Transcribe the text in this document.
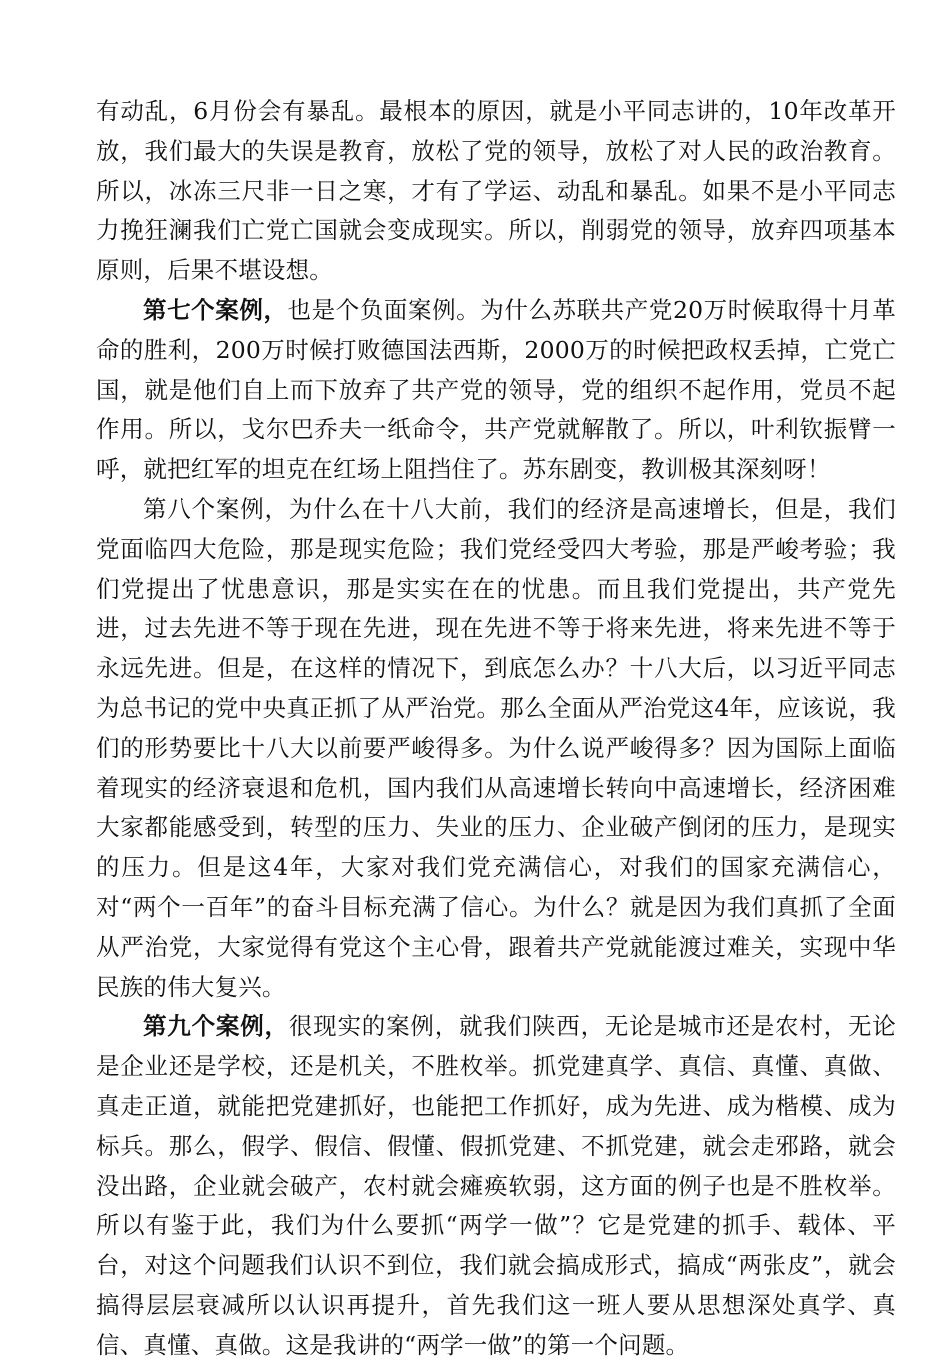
有动乱，6月份会有暴乱。最根本的原因，就是小平同志讲的，10年改革开放，我们最大的失误是教育，放松了党的领导，放松了对人民的政治教育。所以，冰冻三尺非一日之寒，才有了学运、动乱和暴乱。如果不是小平同志力挽狂澜我们亡党亡国就会变成现实。所以，削弱党的领导，放弃四项基本原则，后果不堪设想。

第七个案例，也是个负面案例。为什么苏联共产党20万时候取得十月革命的胜利，200万时候打败德国法西斯，2000万的时候把政权丢掉，亡党亡国，就是他们自上而下放弃了共产党的领导，党的组织不起作用，党员不起作用。所以，戈尔巴乔夫一纸命令，共产党就解散了。所以，叶利钦振臂一呼，就把红军的坦克在红场上阻挡住了。苏东剧变，教训极其深刻呀！

第八个案例，为什么在十八大前，我们的经济是高速增长，但是，我们党面临四大危险，那是现实危险；我们党经受四大考验，那是严峻考验；我们党提出了忧患意识，那是实实在在的忧患。而且我们党提出，共产党先进，过去先进不等于现在先进，现在先进不等于将来先进，将来先进不等于永远先进。但是，在这样的情况下，到底怎么办？十八大后，以习近平同志为总书记的党中央真正抓了从严治党。那么全面从严治党这4年，应该说，我们的形势要比十八大以前要严峻得多。为什么说严峻得多？因为国际上面临着现实的经济衰退和危机，国内我们从高速增长转向中高速增长，经济困难大家都能感受到，转型的压力、失业的压力、企业破产倒闭的压力，是现实的压力。但是这4年，大家对我们党充满信心，对我们的国家充满信心，对“两个一百年”的奋斗目标充满了信心。为什么？就是因为我们真抓了全面从严治党，大家觉得有党这个主心骨，跟着共产党就能渡过难关，实现中华民族的伟大复兴。

第九个案例，很现实的案例，就我们陕西，无论是城市还是农村，无论是企业还是学校，还是机关，不胜枚举。抓党建真学、真信、真懂、真做、真走正道，就能把党建抓好，也能把工作抓好，成为先进、成为楷模、成为标兵。那么，假学、假信、假懂、假抓党建、不抓党建，就会走邪路，就会没出路，企业就会破产，农村就会瘫痪软弱，这方面的例子也是不胜枚举。所以有鉴于此，我们为什么要抓“两学一做”？它是党建的抓手、载体、平台，对这个问题我们认识不到位，我们就会搞成形式，搞成“两张皮”，就会搞得层层衰减所以认识再提升，首先我们这一班人要从思想深处真学、真信、真懂、真做。这是我讲的“两学一做”的第一个问题。
